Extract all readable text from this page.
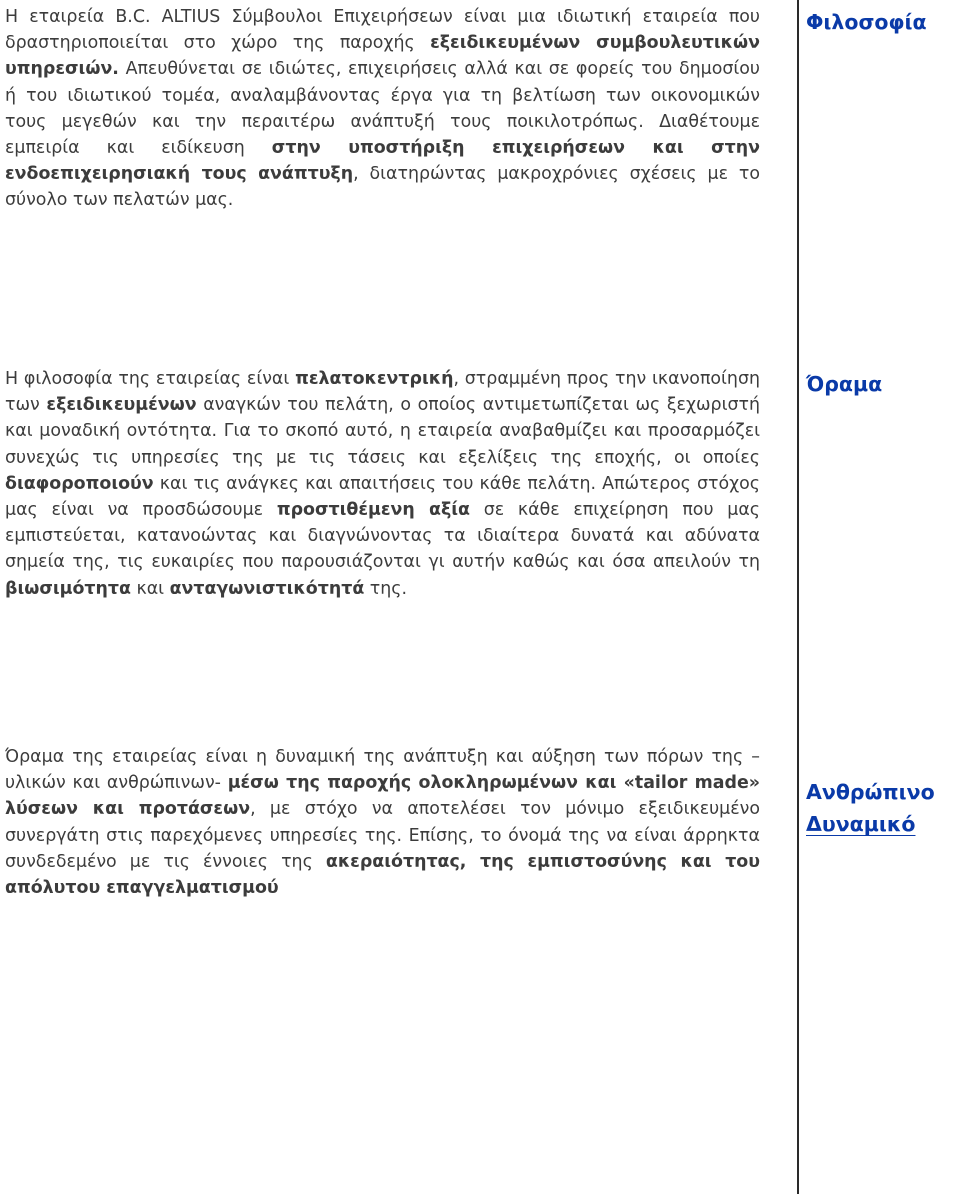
Η εταιρεία B.C. ALTIUS Σύμβουλοι Επιχειρήσεων είναι μια ιδιωτική εταιρεία που δραστηριοποιείται στο χώρο της παροχής εξειδικευμένων συμβουλευτικών υπηρεσιών. Απευθύνεται σε ιδιώτες, επιχειρήσεις αλλά και σε φορείς του δημοσίου ή του ιδιωτικού τομέα, αναλαμβάνοντας έργα για τη βελτίωση των οικονομικών τους μεγεθών και την περαιτέρω ανάπτυξή τους ποικιλοτρόπως. Διαθέτουμε εμπειρία και ειδίκευση στην υποστήριξη επιχειρήσεων και στην ενδοεπιχειρησιακή τους ανάπτυξη, διατηρώντας μακροχρόνιες σχέσεις με το σύνολο των πελατών μας.

Η φιλοσοφία της εταιρείας είναι πελατοκεντρική, στραμμένη προς την ικανοποίηση των εξειδικευμένων αναγκών του πελάτη, ο οποίος αντιμετωπίζεται ως ξεχωριστή και μοναδική οντότητα. Για το σκοπό αυτό, η εταιρεία αναβαθμίζει και προσαρμόζει συνεχώς τις υπηρεσίες της με τις τάσεις και εξελίξεις της εποχής, οι οποίες διαφοροποιούν και τις ανάγκες και απαιτήσεις του κάθε πελάτη. Απώτερος στόχος μας είναι να προσδώσουμε προστιθέμενη αξία σε κάθε επιχείρηση που μας εμπιστεύεται, κατανοώντας και διαγνώνοντας τα ιδιαίτερα δυνατά και αδύνατα σημεία της, τις ευκαιρίες που παρουσιάζονται γι αυτήν καθώς και όσα απειλούν τη βιωσιμότητα και ανταγωνιστικότητά της.

Όραμα της εταιρείας είναι η δυναμική της ανάπτυξη και αύξηση των πόρων της – υλικών και ανθρώπινων- μέσω της παροχής ολοκληρωμένων και «tailor made» λύσεων και προτάσεων, με στόχο να αποτελέσει τον μόνιμο εξειδικευμένο συνεργάτη στις παρεχόμενες υπηρεσίες της. Επίσης, το όνομά της να είναι άρρηκτα συνδεδεμένο με τις έννοιες της ακεραιότητας, της εμπιστοσύνης και του απόλυτου επαγγελματισμού

Φιλοσοφία
Όραμα
Ανθρώπινο
Δυναμικό
